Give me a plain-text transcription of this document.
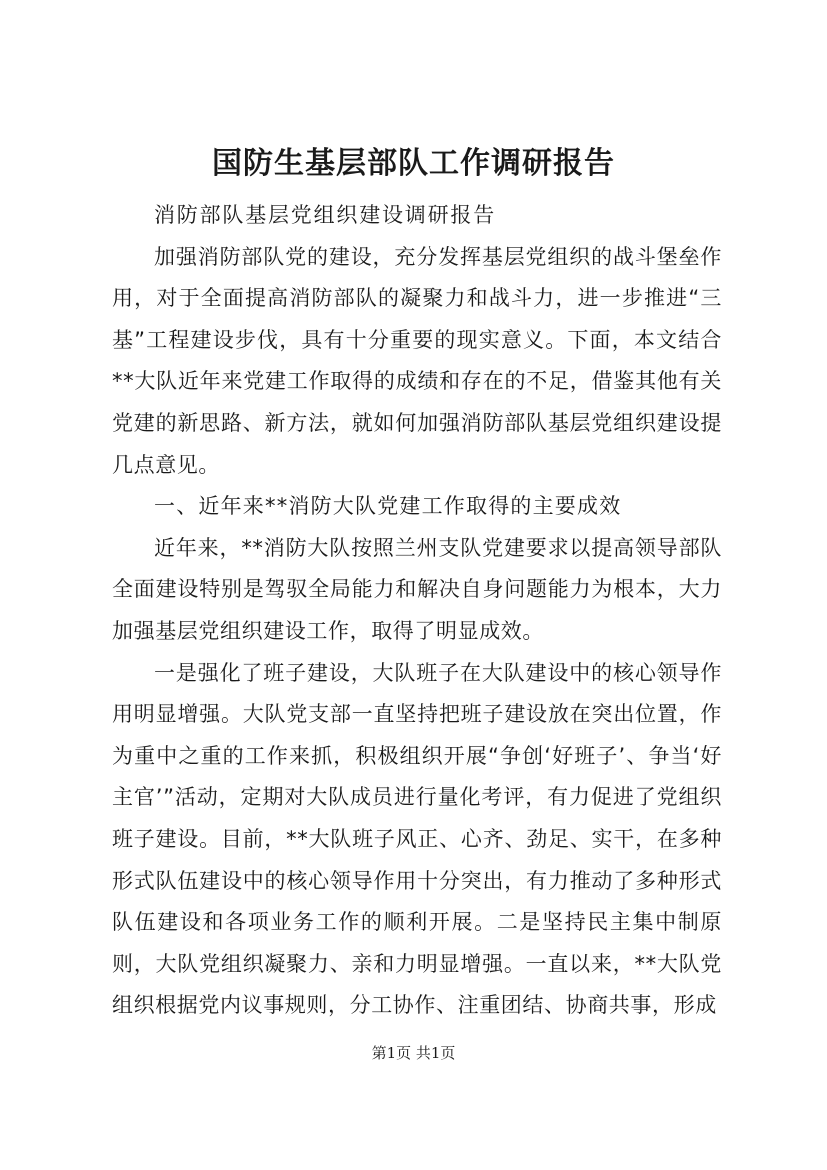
国防生基层部队工作调研报告

消防部队基层党组织建设调研报告

加强消防部队党的建设，充分发挥基层党组织的战斗堡垒作用，对于全面提高消防部队的凝聚力和战斗力，进一步推进“三基”工程建设步伐，具有十分重要的现实意义。下面，本文结合**大队近年来党建工作取得的成绩和存在的不足，借鉴其他有关党建的新思路、新方法，就如何加强消防部队基层党组织建设提几点意见。

一、近年来**消防大队党建工作取得的主要成效

近年来，**消防大队按照兰州支队党建要求以提高领导部队全面建设特别是驾驭全局能力和解决自身问题能力为根本，大力加强基层党组织建设工作，取得了明显成效。

一是强化了班子建设，大队班子在大队建设中的核心领导作用明显增强。大队党支部一直坚持把班子建设放在突出位置，作为重中之重的工作来抓，积极组织开展“争创‘好班子’、争当‘好主官’”活动，定期对大队成员进行量化考评，有力促进了党组织班子建设。目前，**大队班子风正、心齐、劲足、实干，在多种形式队伍建设中的核心领导作用十分突出，有力推动了多种形式队伍建设和各项业务工作的顺利开展。二是坚持民主集中制原则，大队党组织凝聚力、亲和力明显增强。一直以来，**大队党组织根据党内议事规则，分工协作、注重团结、协商共事，形成

第1页 共1页
